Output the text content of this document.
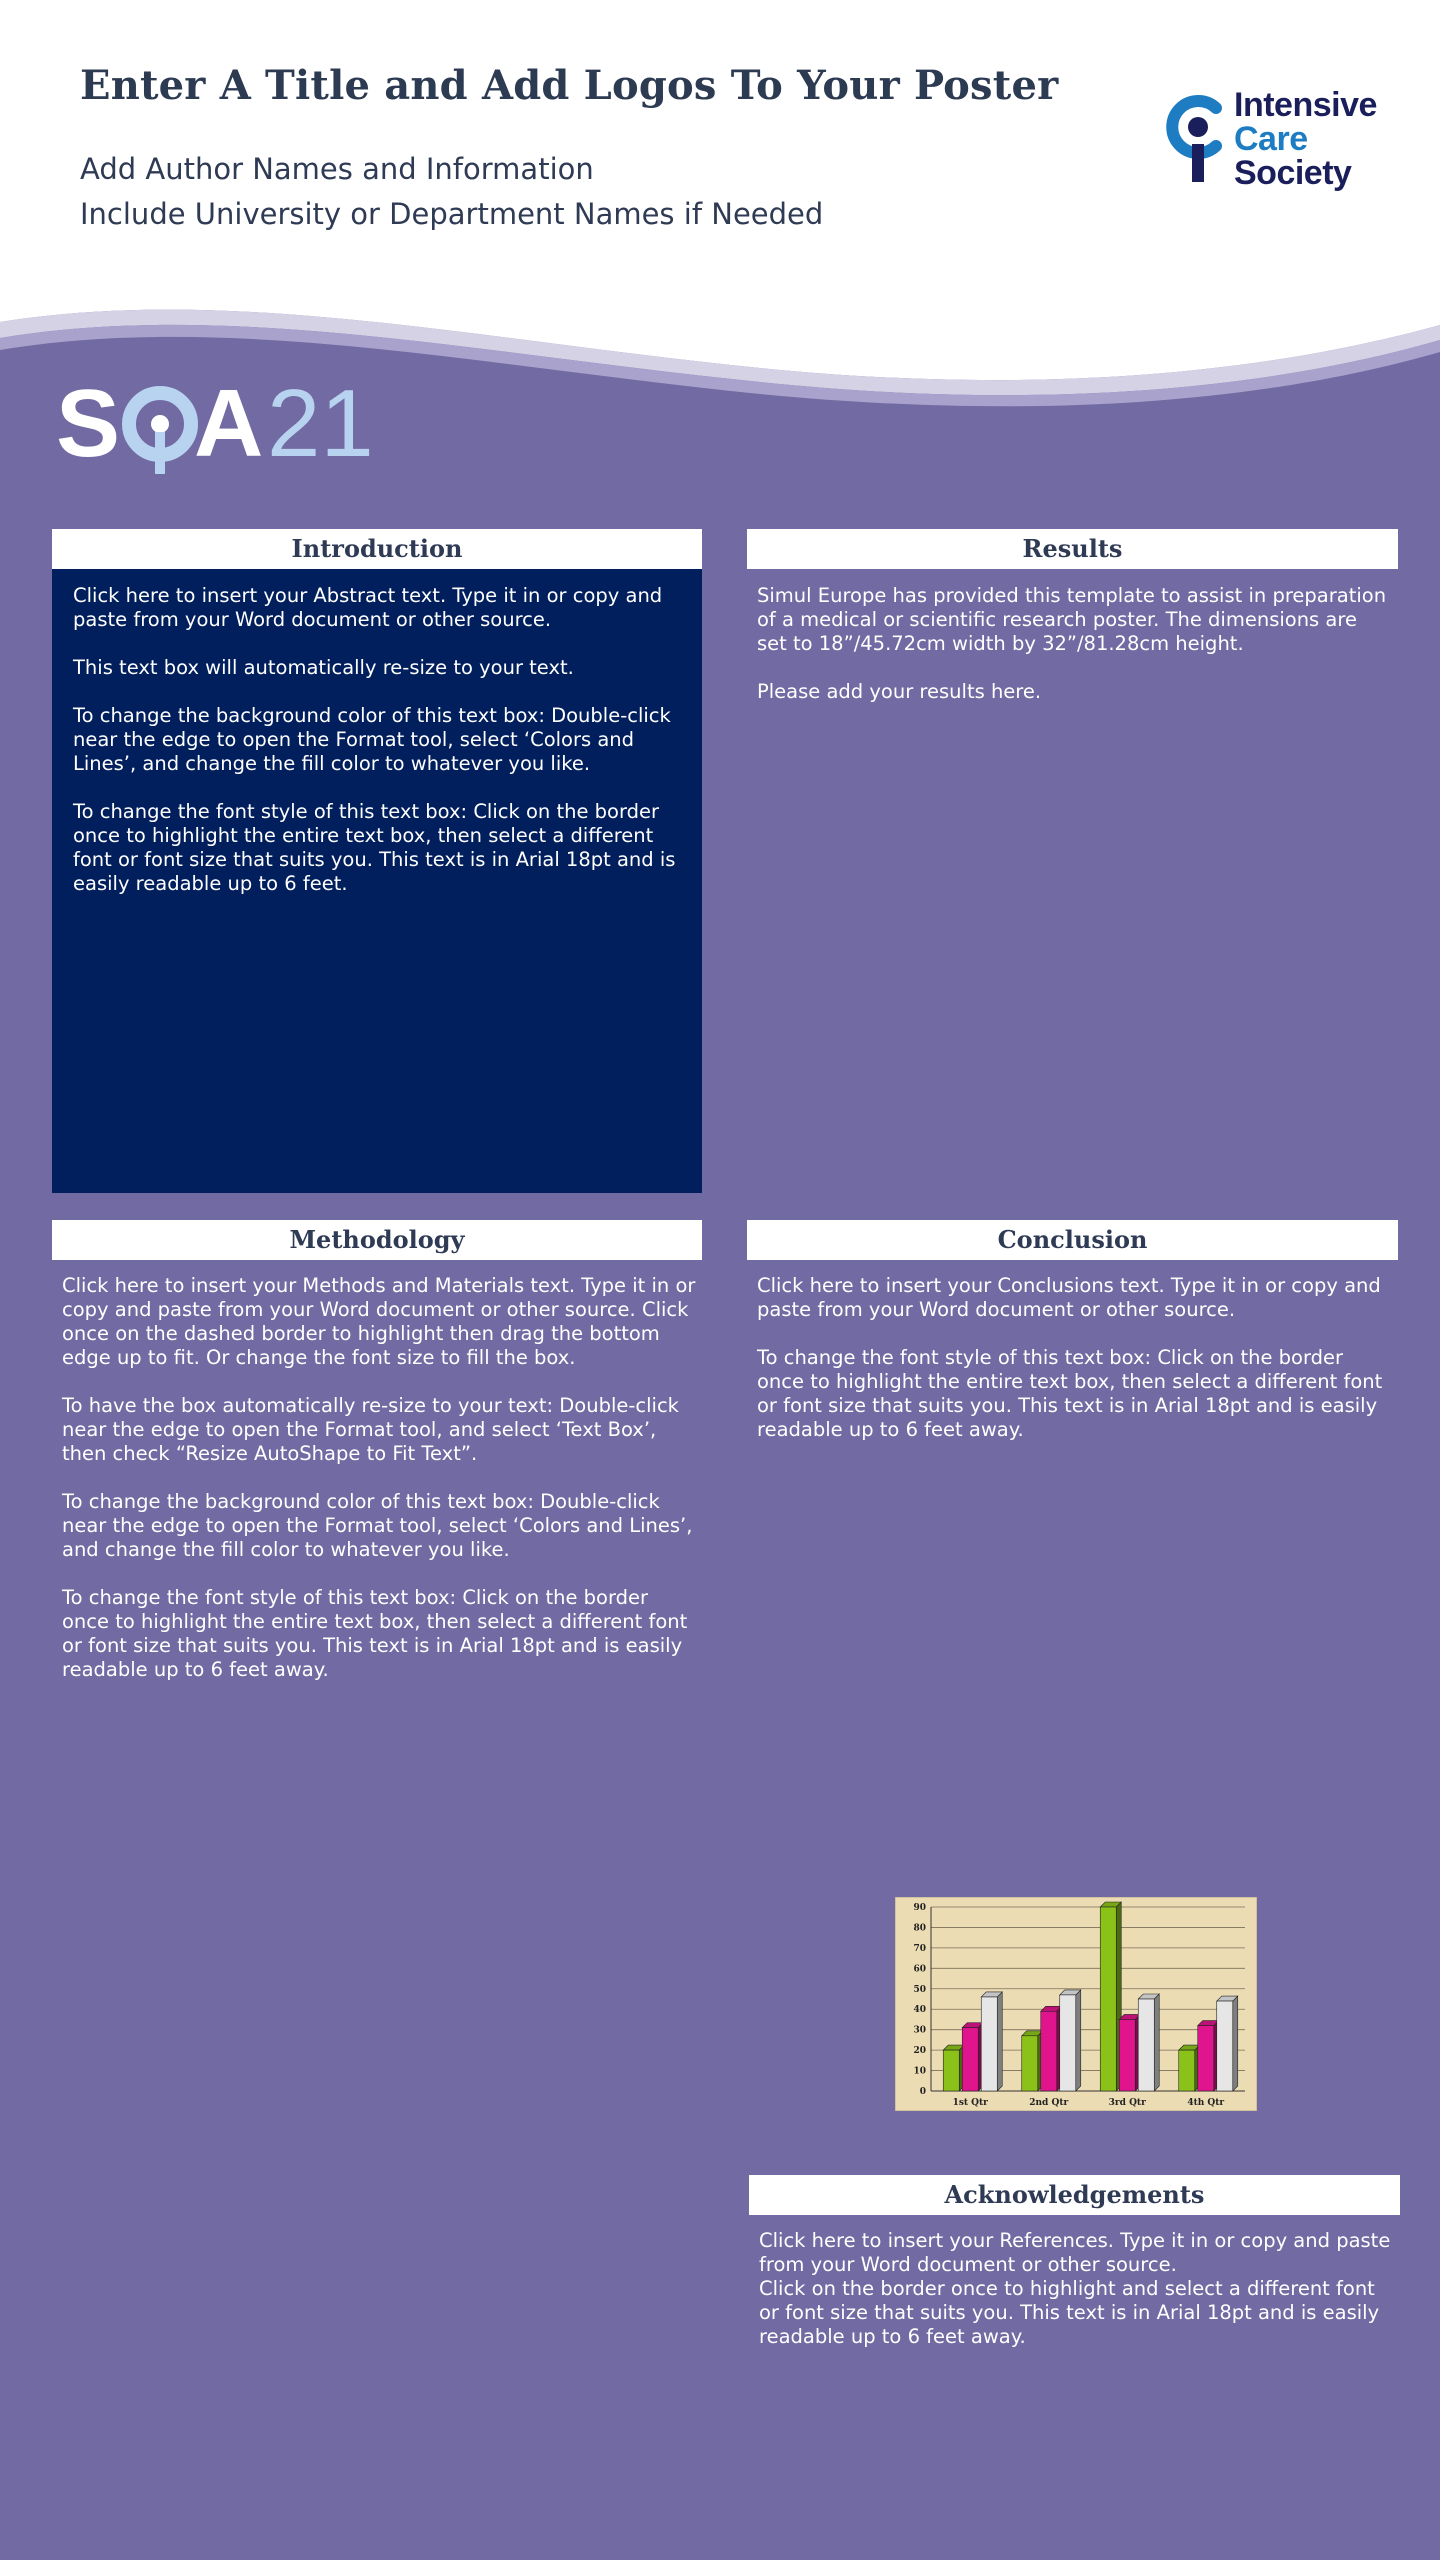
Enter A Title and Add Logos To Your Poster

Add Author Names and Information

Include University or Department Names if Needed

Intensive
Care
Society
S A 21
Introduction

Click here to insert your Abstract text. Type it in or copy and paste from your Word document or other source.

This text box will automatically re-size to your text.

To change the background color of this text box: Double-click near the edge to open the Format tool, select ‘Colors and Lines’, and change the fill color to whatever you like.

To change the font style of this text box: Click on the border once to highlight the entire text box, then select a different font or font size that suits you. This text is in Arial 18pt and is easily readable up to 6 feet.

Results

Simul Europe has provided this template to assist in preparation of a medical or scientific research poster. The dimensions are set to 18”/45.72cm width by 32”/81.28cm height.

Please add your results here.

Methodology

Click here to insert your Methods and Materials text. Type it in or copy and paste from your Word document or other source. Click once on the dashed border to highlight then drag the bottom edge up to fit. Or change the font size to fill the box.

To have the box automatically re-size to your text: Double-click near the edge to open the Format tool, and select ‘Text Box’, then check “Resize AutoShape to Fit Text”.

To change the background color of this text box: Double-click near the edge to open the Format tool, select ‘Colors and Lines’, and change the fill color to whatever you like.

To change the font style of this text box: Click on the border once to highlight the entire text box, then select a different font or font size that suits you. This text is in Arial 18pt and is easily readable up to 6 feet away.

Conclusion

Click here to insert your Conclusions text. Type it in or copy and paste from your Word document or other source.

To change the font style of this text box: Click on the border once to highlight the entire text box, then select a different font or font size that suits you. This text is in Arial 18pt and is easily readable up to 6 feet away.

0
10
20
30
40
50
60
70
80
90
1st Qtr	2nd Qtr	3rd Qtr	4th Qtr
Acknowledgements

Click here to insert your References. Type it in or copy and paste from your Word document or other source.

Click on the border once to highlight and select a different font or font size that suits you. This text is in Arial 18pt and is easily readable up to 6 feet away.
